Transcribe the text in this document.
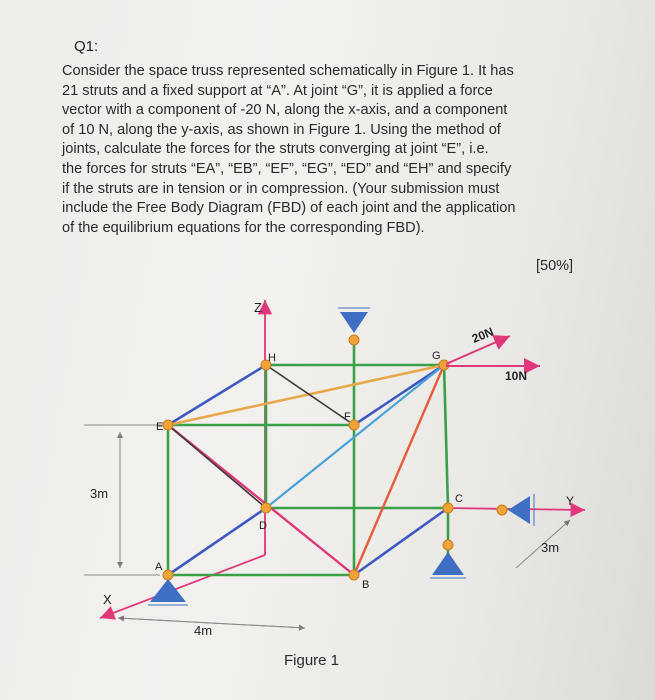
Q1:
Consider the space truss represented schematically in Figure 1. It has
21 struts and a fixed support at “A”. At joint “G”, it is applied a force
vector with a component of -20 N, along the x-axis, and a component
of 10 N, along the y-axis, as shown in Figure 1. Using the method of
joints, calculate the forces for the struts converging at joint “E”, i.e.
the forces for struts “EA”, “EB”, “EF”, “EG”, “ED” and “EH” and specify
if the struts are in tension or in compression. (Your submission must
include the Free Body Diagram (FBD) of each joint and the application
of the equilibrium equations for the corresponding FBD).
[50%]
A
B
C
D
E
F
G
H
Z
X
Y
3m
4m
3m
20N
10N
Figure 1
